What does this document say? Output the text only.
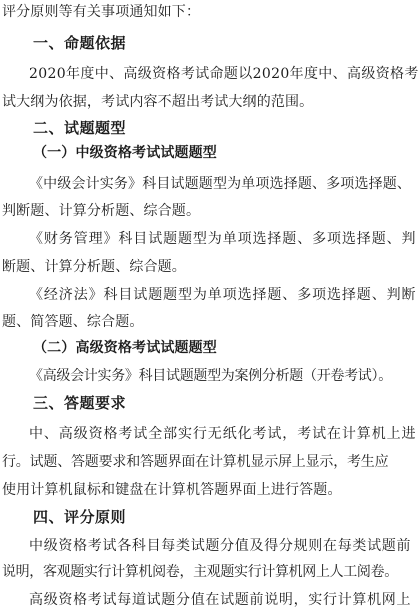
评分原则等有关事项通知如下：
一、命题依据
2020年度中、高级资格考试命题以2020年度中、高级资格考
试大纲为依据，考试内容不超出考试大纲的范围。
二、试题题型
（一）中级资格考试试题题型
《中级会计实务》科目试题题型为单项选择题、多项选择题、
判断题、计算分析题、综合题。
《财务管理》科目试题题型为单项选择题、多项选择题、判
断题、计算分析题、综合题。
《经济法》科目试题题型为单项选择题、多项选择题、判断
题、简答题、综合题。
（二）高级资格考试试题题型
《高级会计实务》科目试题题型为案例分析题（开卷考试）。
三、答题要求
中、高级资格考试全部实行无纸化考试，考试在计算机上进
行。试题、答题要求和答题界面在计算机显示屏上显示，考生应
使用计算机鼠标和键盘在计算机答题界面上进行答题。
四、评分原则
中级资格考试各科目每类试题分值及得分规则在每类试题前
说明，客观题实行计算机阅卷，主观题实行计算机网上人工阅卷。
高级资格考试每道试题分值在试题前说明，实行计算机网上
